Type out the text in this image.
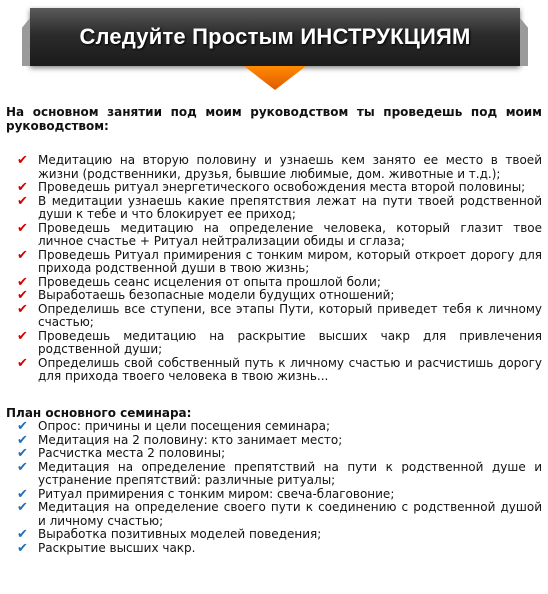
Следуйте Простым ИНСТРУКЦИЯМ

На основном занятии под моим руководством ты проведешь под моим руководством:

✔ Медитацию на вторую половину и узнаешь кем занято ее место в твоей жизни (родственники, друзья, бывшие любимые, дом. животные и т.д.);
✔ Проведешь ритуал энергетического освобождения места второй половины;
✔ В медитации узнаешь какие препятствия лежат на пути твоей родственной души к тебе и что блокирует ее приход;
✔ Проведешь медитацию на определение человека, который глазит твое личное счастье + Ритуал нейтрализации обиды и сглаза;
✔ Проведешь Ритуал примирения с тонким миром, который откроет дорогу для прихода родственной души в твою жизнь;
✔ Проведешь сеанс исцеления от опыта прошлой боли;
✔ Выработаешь безопасные модели будущих отношений;
✔ Определишь все ступени, все этапы Пути, который приведет тебя к личному счастью;
✔ Проведешь медитацию на раскрытие высших чакр для привлечения родственной души;
✔ Определишь свой собственный путь к личному счастью и расчистишь дорогу для прихода твоего человека в твою жизнь...

План основного семинара:

✔ Опрос: причины и цели посещения семинара;
✔ Медитация на 2 половину: кто занимает место;
✔ Расчистка места 2 половины;
✔ Медитация на определение препятствий на пути к родственной душе и устранение препятствий: различные ритуалы;
✔ Ритуал примирения с тонким миром: свеча-благовоние;
✔ Медитация на определение своего пути к соединению с родственной душой и личному счастью;
✔ Выработка позитивных моделей поведения;
✔ Раскрытие высших чакр.
